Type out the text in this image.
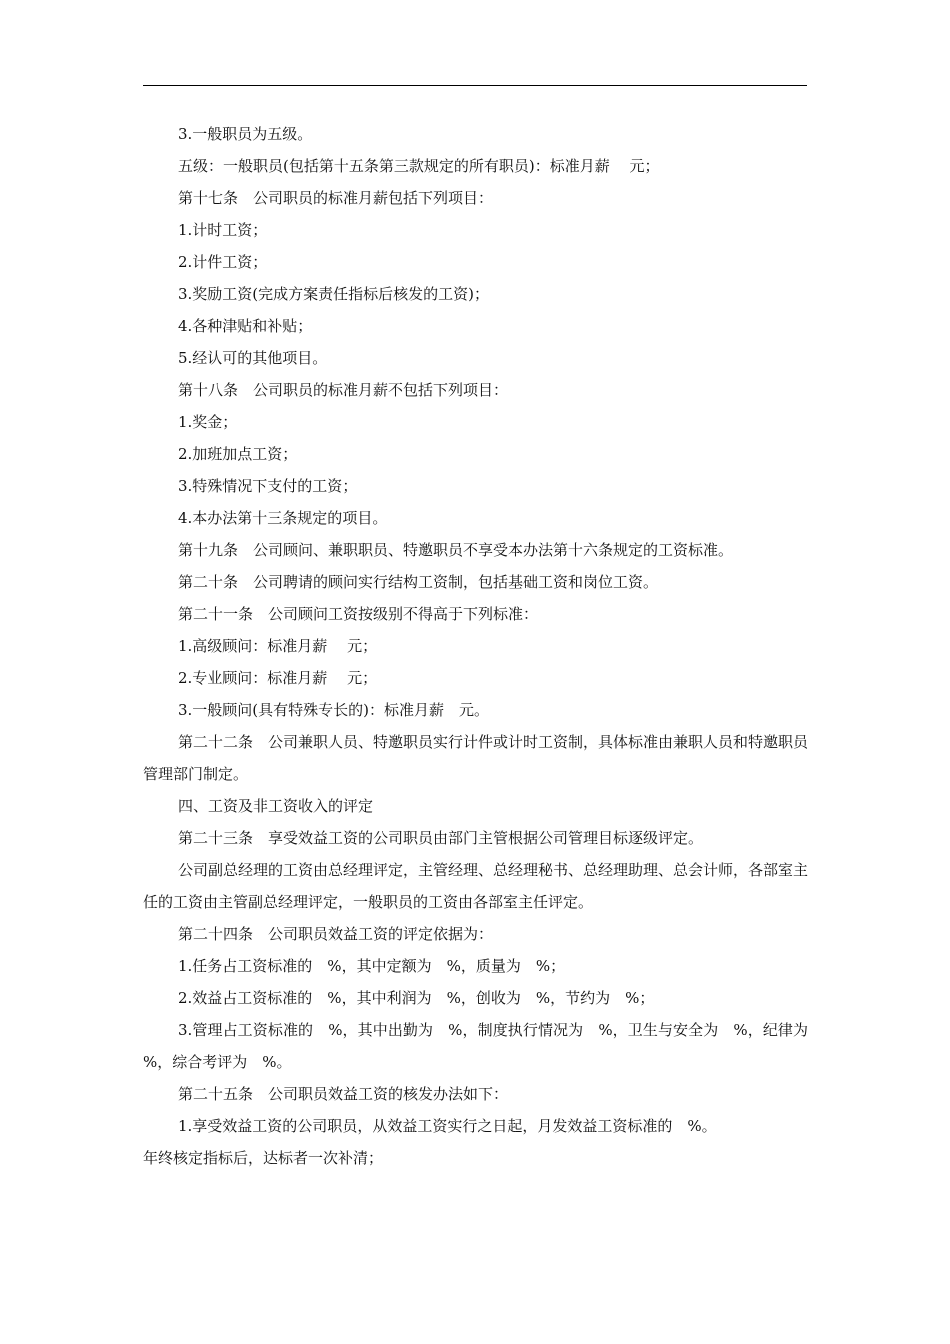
3.一般职员为五级。

五级：一般职员(包括第十五条第三款规定的所有职员)：标准月薪　 元；

第十七条　公司职员的标准月薪包括下列项目：

1.计时工资；

2.计件工资；

3.奖励工资(完成方案责任指标后核发的工资)；

4.各种津贴和补贴；

5.经认可的其他项目。

第十八条　公司职员的标准月薪不包括下列项目：

1.奖金；

2.加班加点工资；

3.特殊情况下支付的工资；

4.本办法第十三条规定的项目。

第十九条　公司顾问、兼职职员、特邀职员不享受本办法第十六条规定的工资标准。

第二十条　公司聘请的顾问实行结构工资制，包括基础工资和岗位工资。

第二十一条　公司顾问工资按级别不得高于下列标准：

1.高级顾问：标准月薪　 元；

2.专业顾问：标准月薪　 元；

3.一般顾问(具有特殊专长的)：标准月薪　元。

第二十二条　公司兼职人员、特邀职员实行计件或计时工资制，具体标准由兼职人员和特邀职员管理部门制定。

四、工资及非工资收入的评定

第二十三条　享受效益工资的公司职员由部门主管根据公司管理目标逐级评定。

公司副总经理的工资由总经理评定，主管经理、总经理秘书、总经理助理、总会计师，各部室主任的工资由主管副总经理评定，一般职员的工资由各部室主任评定。

第二十四条　公司职员效益工资的评定依据为：

1.任务占工资标准的　%，其中定额为　%，质量为　%；

2.效益占工资标准的　%，其中利润为　%，创收为　%，节约为　%；

3.管理占工资标准的　%，其中出勤为　%，制度执行情况为　%，卫生与安全为　%，纪律为　%，综合考评为　%。

第二十五条　公司职员效益工资的核发办法如下：

1.享受效益工资的公司职员，从效益工资实行之日起，月发效益工资标准的　%。

年终核定指标后，达标者一次补清；
